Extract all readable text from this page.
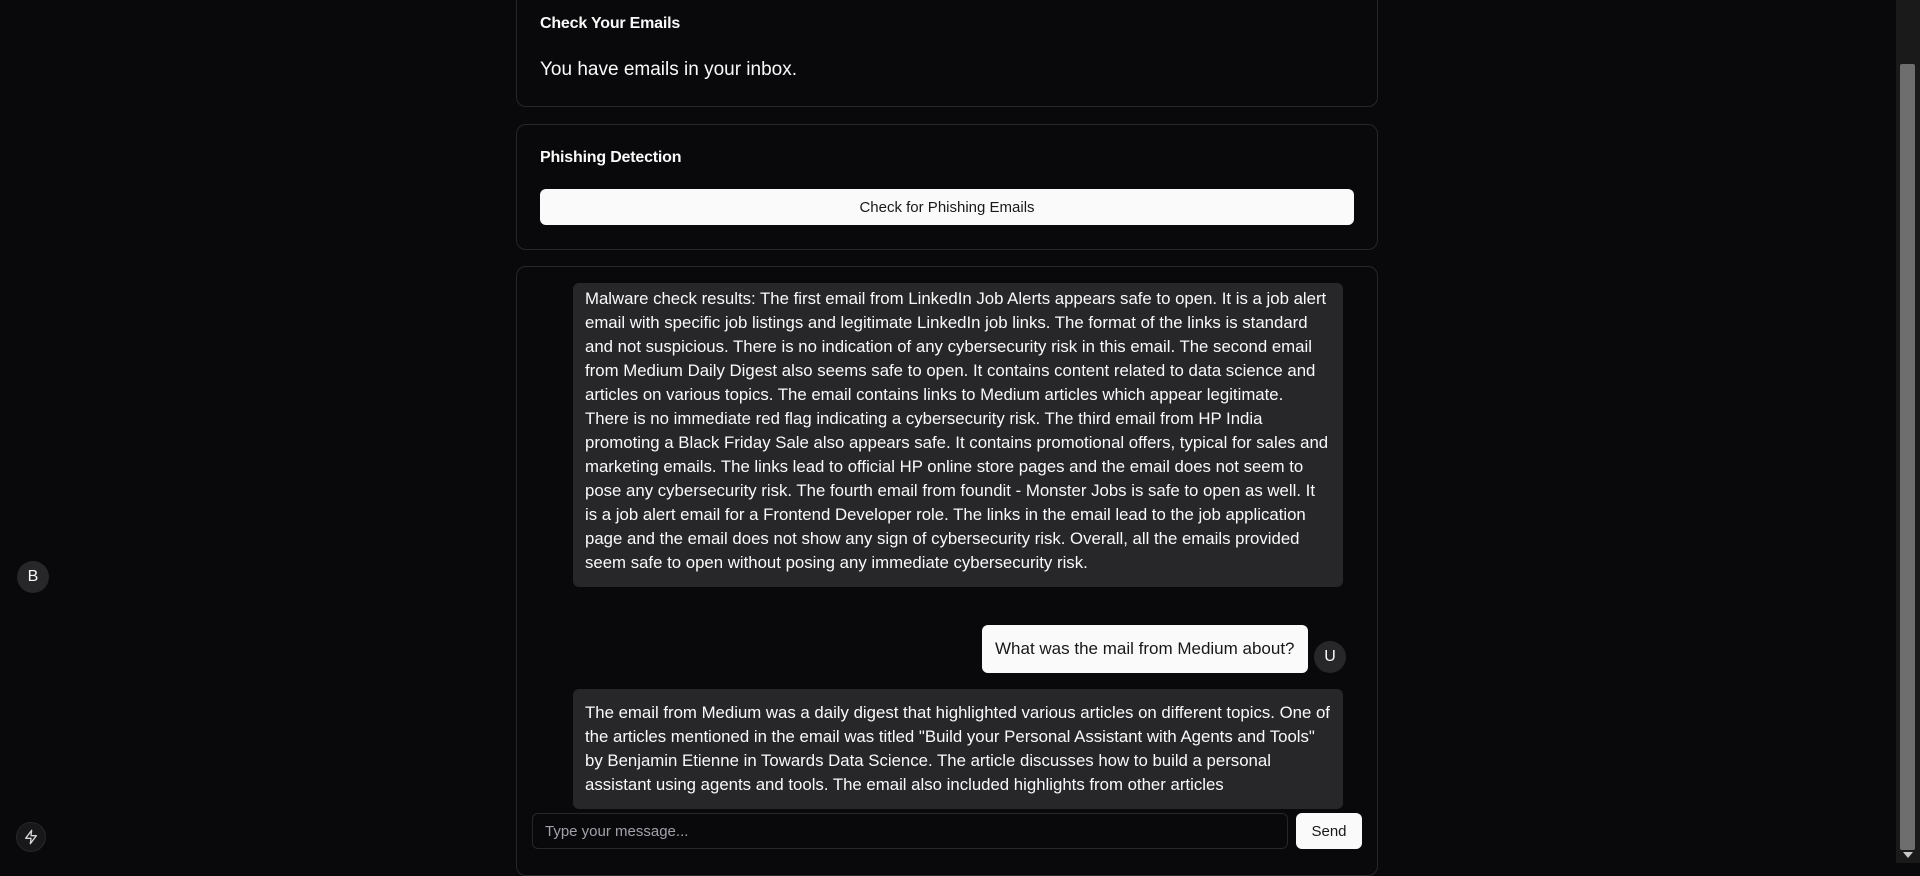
Check Your Emails
You have emails in your inbox.
Phishing Detection
Check for Phishing Emails
Malware check results: The first email from LinkedIn Job Alerts appears safe to open. It is a job alert email with specific job listings and legitimate LinkedIn job links. The format of the links is standard and not suspicious. There is no indication of any cybersecurity risk in this email. The second email from Medium Daily Digest also seems safe to open. It contains content related to data science and articles on various topics. The email contains links to Medium articles which appear legitimate. There is no immediate red flag indicating a cybersecurity risk. The third email from HP India promoting a Black Friday Sale also appears safe. It contains promotional offers, typical for sales and marketing emails. The links lead to official HP online store pages and the email does not seem to pose any cybersecurity risk. The fourth email from foundit - Monster Jobs is safe to open as well. It is a job alert email for a Frontend Developer role. The links in the email lead to the job application page and the email does not show any sign of cybersecurity risk. Overall, all the emails provided seem safe to open without posing any immediate cybersecurity risk.
The email from Medium was a daily digest that highlighted various articles on different topics. One of the articles mentioned in the email was titled "Build your Personal Assistant with Agents and Tools" by Benjamin Etienne in Towards Data Science. The article discusses how to build a personal assistant using agents and tools. The email also included highlights from other articles
B
What was the mail from Medium about?	U
Type your message...
Send
